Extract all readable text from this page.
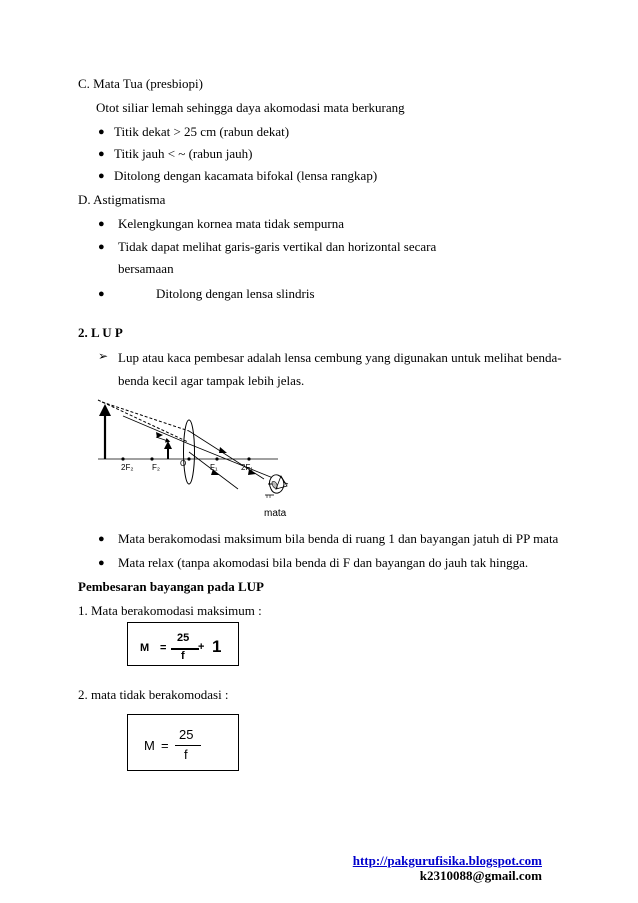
C. Mata Tua (presbiopi)
Otot siliar lemah sehingga daya akomodasi mata berkurang
● Titik dekat > 25 cm (rabun dekat)
● Titik jauh < ~ (rabun jauh)
● Ditolong dengan kacamata bifokal (lensa rangkap)
D. Astigmatisma
● Kelengkungan kornea mata tidak sempurna
● Tidak dapat melihat garis-garis vertikal dan horizontal secara
bersamaan
●	Ditolong dengan lensa slindris
2. L U P
➢ Lup atau kaca pembesar adalah lensa cembung yang digunakan untuk melihat benda-
benda kecil agar tampak lebih jelas.
2F₂ F₂	O	F₁	2F₁
mata
● Mata berakomodasi maksimum bila benda di ruang 1 dan bayangan jatuh di PP mata
● Mata relax (tanpa akomodasi bila benda di F dan bayangan do jauh tak hingga.
Pembesaran bayangan pada LUP
1. Mata berakomodasi maksimum :
M =
25
f
+ 1
2. mata tidak berakomodasi :
M =
25
f
http://pakgurufisika.blogspot.com
k2310088@gmail.com
